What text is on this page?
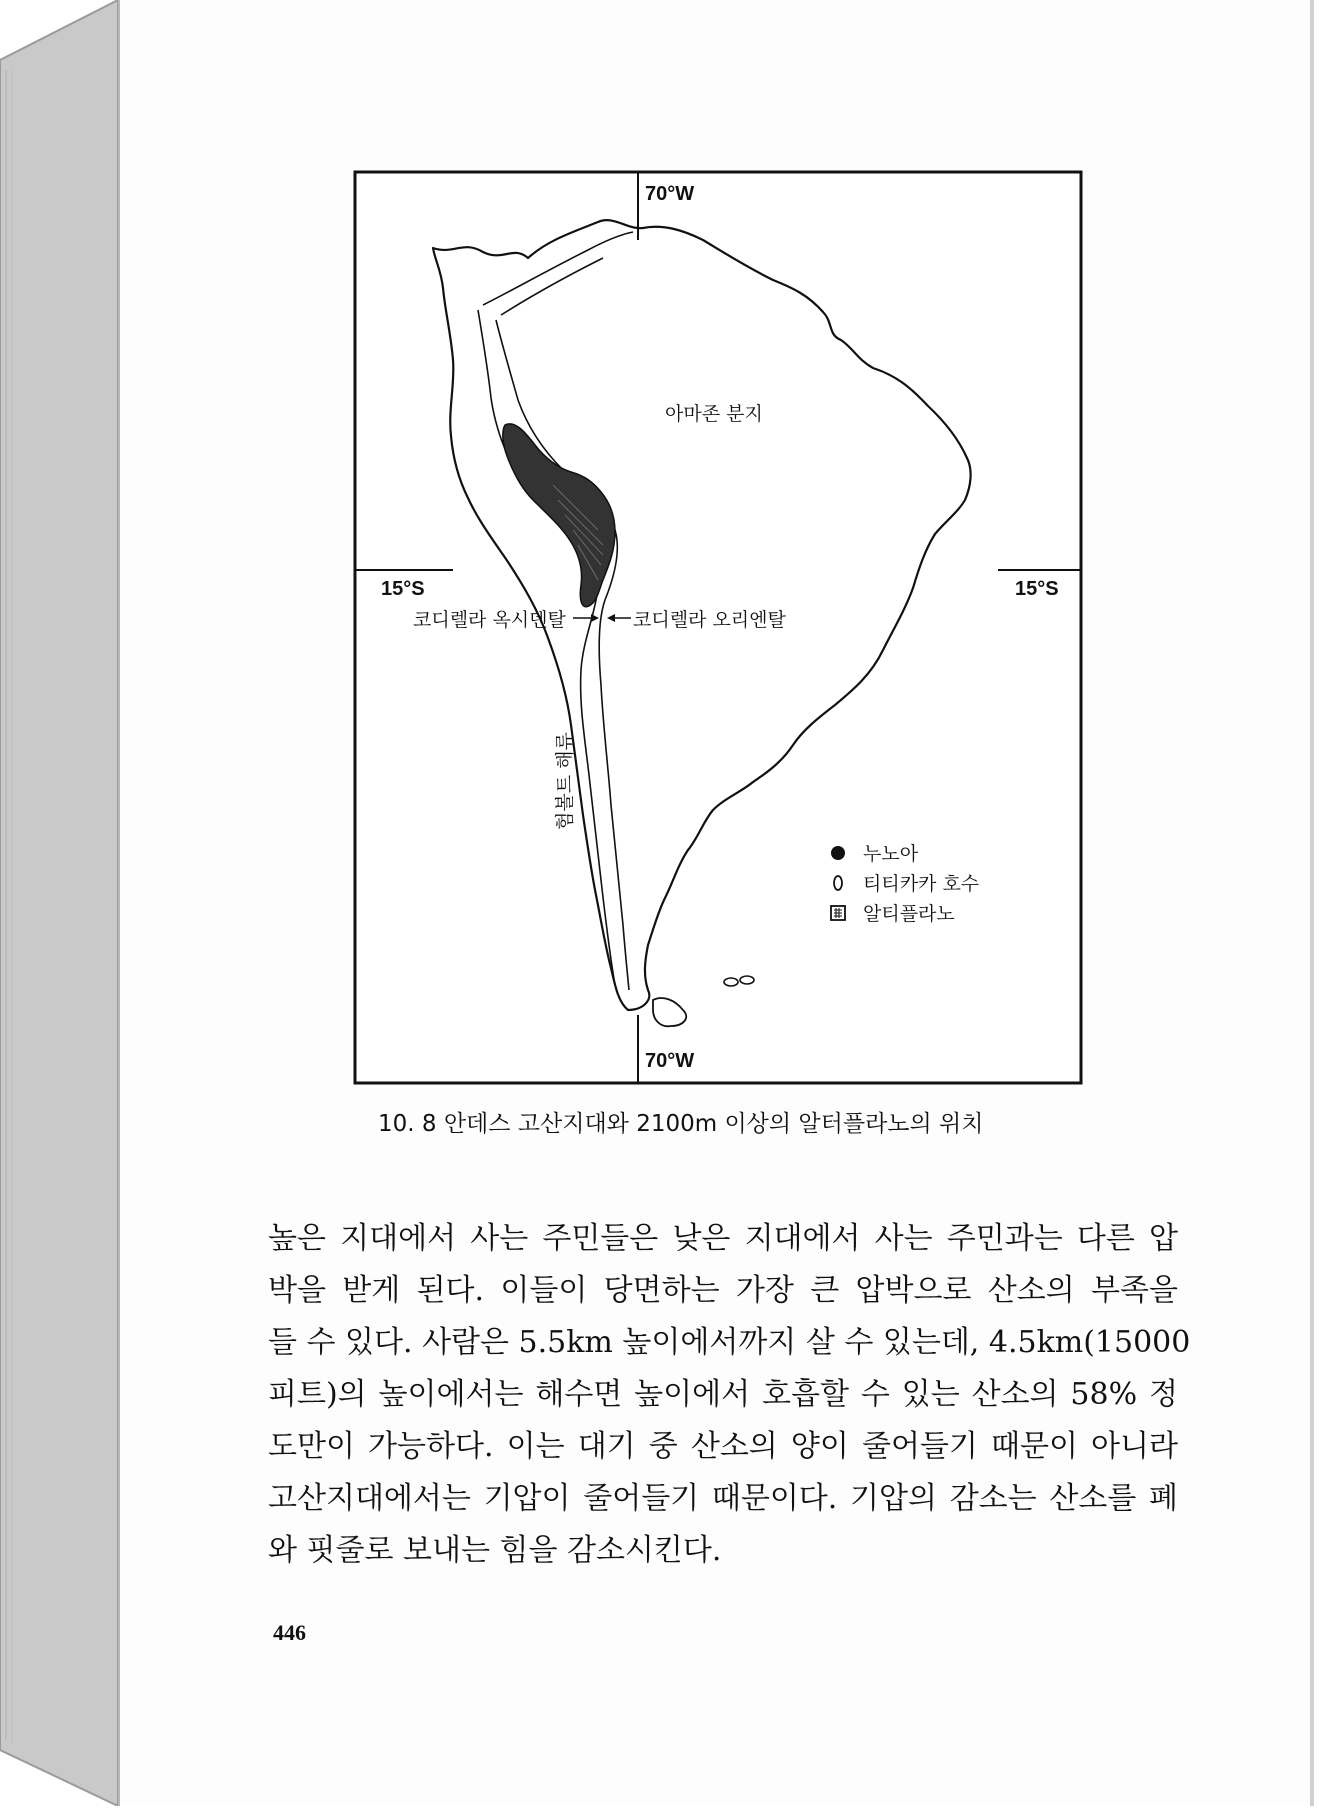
70°W
70°W
15°S	15°S
아마존 분지
코디렐라 옥시덴탈	코디렐라 오리엔탈
험볼트 해류
누노아
티티카카 호수
알티플라노
10. 8 안데스 고산지대와 2100m 이상의 알터플라노의 위치
높은 지대에서 사는 주민들은 낮은 지대에서 사는 주민과는 다른 압
박을 받게 된다. 이들이 당면하는 가장 큰 압박으로 산소의 부족을
들 수 있다. 사람은 5.5km 높이에서까지 살 수 있는데, 4.5km(15000
피트)의 높이에서는 해수면 높이에서 호흡할 수 있는 산소의 58% 정
도만이 가능하다. 이는 대기 중 산소의 양이 줄어들기 때문이 아니라
고산지대에서는 기압이 줄어들기 때문이다. 기압의 감소는 산소를 폐
와 핏줄로 보내는 힘을 감소시킨다.
446
